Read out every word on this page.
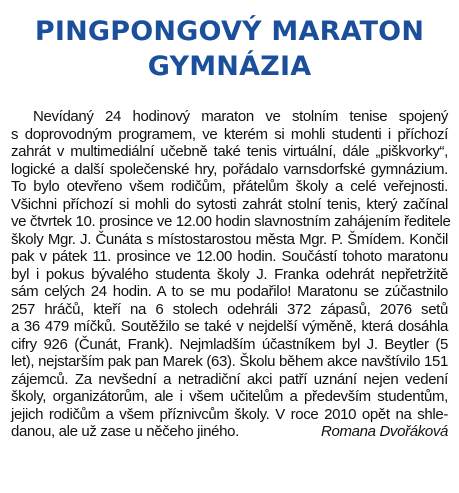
PINGPONGOVÝ MARATON
GYMNÁZIA
Nevídaný 24 hodinový maraton ve stolním tenise spojený
s doprovodným programem, ve kterém si mohli studenti i příchozí
zahrát v multimediální učebně také tenis virtuální, dále „piškvorky“,
logické a další společenské hry, pořádalo varnsdorfské gymnázium.
To bylo otevřeno všem rodičům, přátelům školy a celé veřejnosti.
Všichni příchozí si mohli do sytosti zahrát stolní tenis, který začínal
ve čtvrtek 10. prosince ve 12.00 hodin slavnostním zahájením ředitele
školy Mgr. J. Čunáta s místostarostou města Mgr. P. Šmídem. Končil
pak v pátek 11. prosince ve 12.00 hodin. Součástí tohoto maratonu
byl i pokus bývalého studenta školy J. Franka odehrát nepřetržitě
sám celých 24 hodin. A to se mu podařilo! Maratonu se zúčastnilo
257 hráčů, kteří na 6 stolech odehráli 372 zápasů, 2076 setů
a 36 479 míčků. Soutěžilo se také v nejdelší výměně, která dosáhla
cifry 926 (Čunát, Frank). Nejmladším účastníkem byl J. Beytler (5
let), nejstarším pak pan Marek (63). Školu během akce navštívilo 151
zájemců. Za nevšední a netradiční akci patří uznání nejen vedení
školy, organizátorům, ale i všem učitelům a především studentům,
jejich rodičům a všem příznivcům školy. V roce 2010 opět na shle-
danou, ale už zase u něčeho jiného.	Romana Dvořáková
